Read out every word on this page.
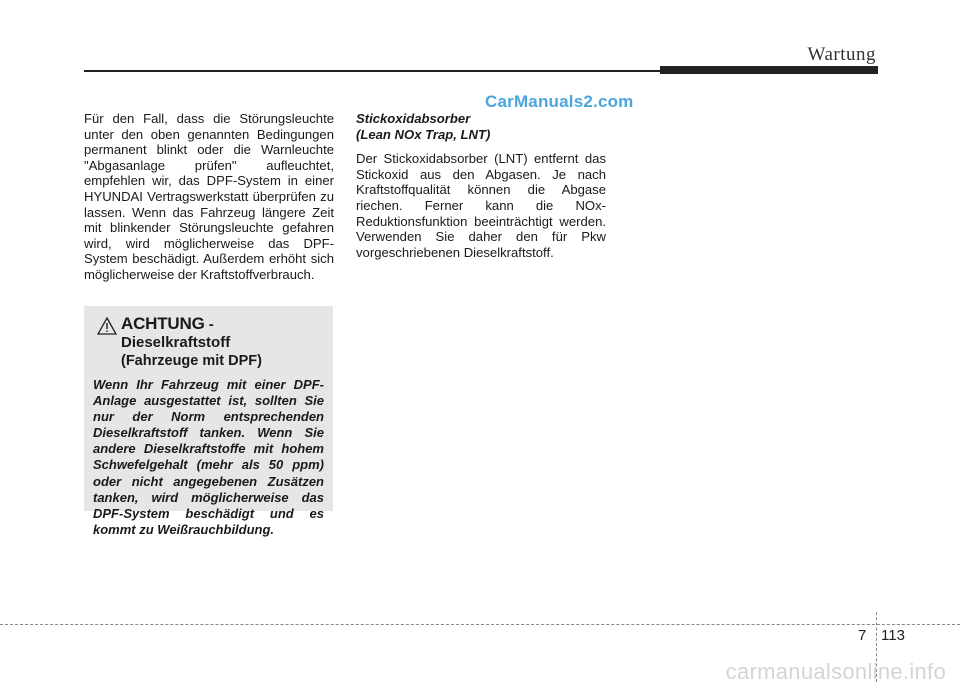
Wartung
CarManuals2.com
Für den Fall, dass die Störungsleuchte unter den oben genannten Bedingungen permanent blinkt oder die Warnleuchte "Abgasanlage prüfen" aufleuchtet, empfehlen wir, das DPF-System in einer HYUNDAI Vertragswerkstatt überprüfen zu lassen. Wenn das Fahrzeug längere Zeit mit blinkender Störungsleuchte gefahren wird, wird möglicherweise das DPF-System beschädigt. Außerdem erhöht sich möglicherweise der Kraftstoffverbrauch.
ACHTUNG - Dieselkraftstoff
(Fahrzeuge mit DPF)
Wenn Ihr Fahrzeug mit einer DPF-Anlage ausgestattet ist, sollten Sie nur der Norm entsprechenden Dieselkraftstoff tanken. Wenn Sie andere Dieselkraftstoffe mit hohem Schwefelgehalt (mehr als 50 ppm) oder nicht angegebenen Zusätzen tanken, wird möglicherweise das DPF-System beschädigt und es kommt zu Weißrauchbildung.
Stickoxidabsorber
(Lean NOx Trap, LNT)
Der Stickoxidabsorber (LNT) entfernt das Stickoxid aus den Abgasen. Je nach Kraftstoffqualität können die Abgase riechen. Ferner kann die NOx-Reduktionsfunktion beeinträchtigt werden. Verwenden Sie daher den für Pkw vorgeschriebenen Dieselkraftstoff.
7 113
carmanualsonline.info
